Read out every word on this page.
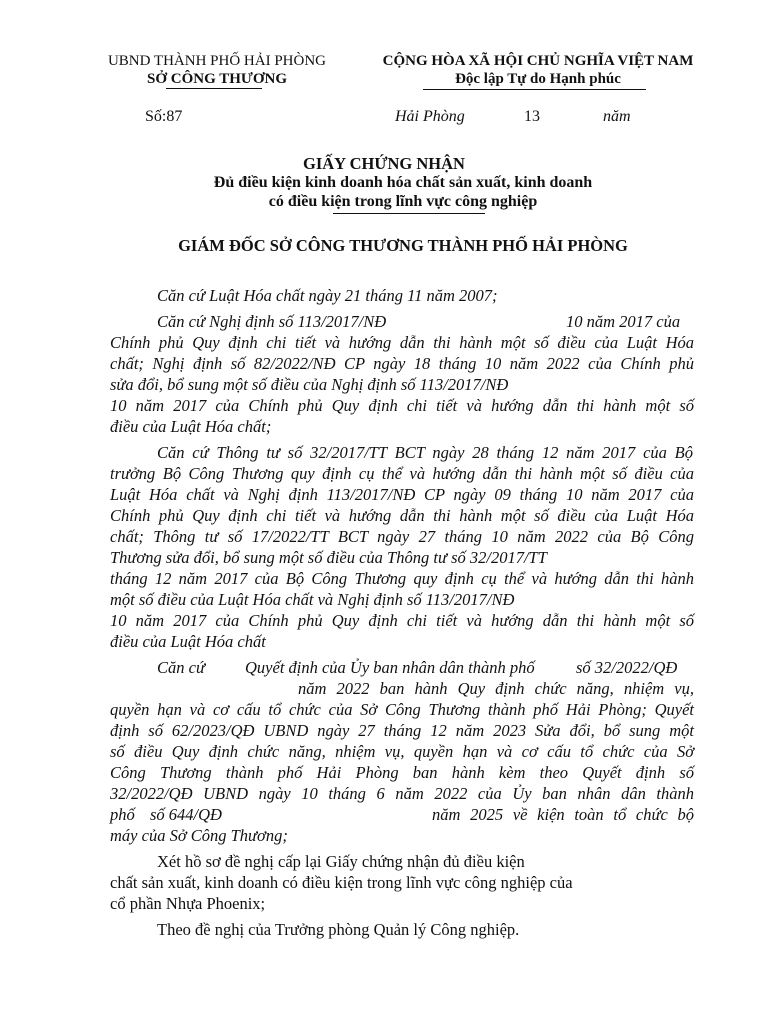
UBND THÀNH PHỐ HẢI PHÒNG
SỞ CÔNG THƯƠNG
CỘNG HÒA XÃ HỘI CHỦ NGHĨA VIỆT NAM
Độc lập Tự do Hạnh phúc
Số:87	Hải Phòng	13	năm
GIẤY CHỨNG NHẬN
Đủ điều kiện kinh doanh hóa chất sản xuất, kinh doanh
có điều kiện trong lĩnh vực công nghiệp
GIÁM ĐỐC SỞ CÔNG THƯƠNG THÀNH PHỐ HẢI PHÒNG
Căn cứ Luật Hóa chất ngày 21 tháng 11 năm 2007;
Căn cứ Nghị định số 113/2017/NĐ	10 năm 2017 của
Chính phủ Quy định chi tiết và hướng dẫn thi hành một số điều của Luật Hóa
chất; Nghị định số 82/2022/NĐ CP ngày 18 tháng 10 năm 2022 của Chính phủ
sửa đổi, bổ sung một số điều của Nghị định số 113/2017/NĐ
10 năm 2017 của Chính phủ Quy định chi tiết và hướng dẫn thi hành một số
điều của Luật Hóa chất;
Căn cứ Thông tư số 32/2017/TT BCT ngày 28 tháng 12 năm 2017 của Bộ
trưởng Bộ Công Thương quy định cụ thể và hướng dẫn thi hành một số điều của
Luật Hóa chất và Nghị định 113/2017/NĐ CP ngày 09 tháng 10 năm 2017 của
Chính phủ Quy định chi tiết và hướng dẫn thi hành một số điều của Luật Hóa
chất; Thông tư số 17/2022/TT BCT ngày 27 tháng 10 năm 2022 của Bộ Công
Thương sửa đổi, bổ sung một số điều của Thông tư số 32/2017/TT
tháng 12 năm 2017 của Bộ Công Thương quy định cụ thể và hướng dẫn thi hành
một số điều của Luật Hóa chất và Nghị định số 113/2017/NĐ
10 năm 2017 của Chính phủ Quy định chi tiết và hướng dẫn thi hành một số
điều của Luật Hóa chất
Căn cứ Quyết định của Ủy ban nhân dân thành phố	số 32/2022/QĐ
năm 2022 ban hành Quy định chức năng, nhiệm vụ,
quyền hạn và cơ cấu tổ chức của Sở Công Thương thành phố Hải Phòng; Quyết
định số 62/2023/QĐ UBND ngày 27 tháng 12 năm 2023 Sửa đổi, bổ sung một
số điều Quy định chức năng, nhiệm vụ, quyền hạn và cơ cấu tổ chức của Sở
Công Thương thành phố Hải Phòng ban hành kèm theo Quyết định số
32/2022/QĐ UBND ngày 10 tháng 6 năm 2022 của Ủy ban nhân dân thành
phố số 644/QĐ	năm 2025 về kiện toàn tổ chức bộ
máy của Sở Công Thương;
Xét hồ sơ đề nghị cấp lại Giấy chứng nhận đủ điều kiện
chất sản xuất, kinh doanh có điều kiện trong lĩnh vực công nghiệp của
cổ phần Nhựa Phoenix;
Theo đề nghị của Trưởng phòng Quản lý Công nghiệp.
